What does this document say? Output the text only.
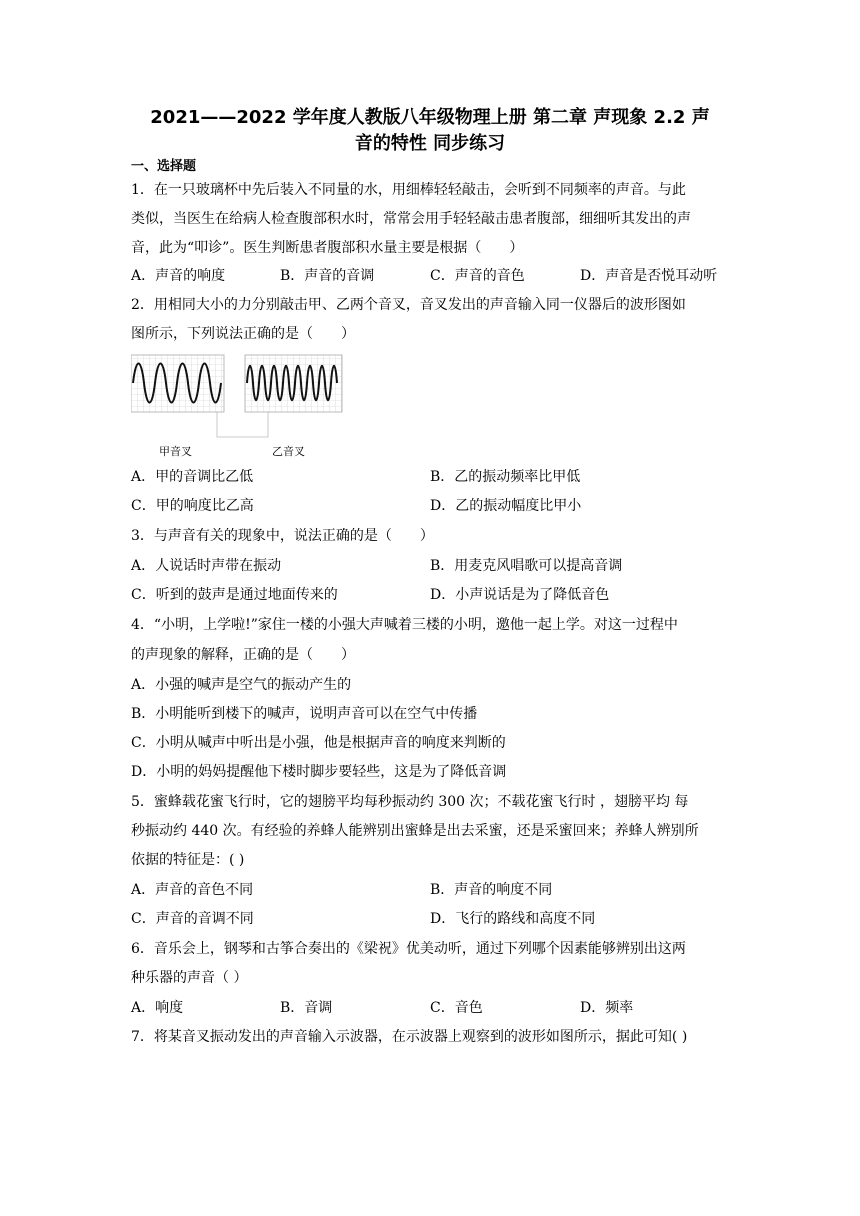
2021——2022 学年度人教版八年级物理上册 第二章 声现象 2.2 声
音的特性 同步练习
一、选择题
1．在一只玻璃杯中先后装入不同量的水，用细棒轻轻敲击，会听到不同频率的声音。与此
类似，当医生在给病人检查腹部积水时，常常会用手轻轻敲击患者腹部，细细听其发出的声
音，此为“叩诊”。医生判断患者腹部积水量主要是根据（　　）
A．声音的响度	B．声音的音调	C．声音的音色	D．声音是否悦耳动听
2．用相同大小的力分别敲击甲、乙两个音叉，音叉发出的声音输入同一仪器后的波形图如
图所示，下列说法正确的是（　　）
甲音叉	乙音叉
A．甲的音调比乙低	B．乙的振动频率比甲低
C．甲的响度比乙高	D．乙的振动幅度比甲小
3．与声音有关的现象中，说法正确的是（　　）
A．人说话时声带在振动	B．用麦克风唱歌可以提高音调
C．听到的鼓声是通过地面传来的	D．小声说话是为了降低音色
4．“小明，上学啦!”家住一楼的小强大声喊着三楼的小明，邀他一起上学。对这一过程中
的声现象的解释，正确的是（　　）
A．小强的喊声是空气的振动产生的
B．小明能听到楼下的喊声，说明声音可以在空气中传播
C．小明从喊声中听出是小强，他是根据声音的响度来判断的
D．小明的妈妈提醒他下楼时脚步要轻些，这是为了降低音调
5．蜜蜂载花蜜飞行时，它的翅膀平均每秒振动约 300 次；不载花蜜飞行时 ，翅膀平均 每
秒振动约 440 次。有经验的养蜂人能辨别出蜜蜂是出去采蜜，还是采蜜回来；养蜂人辨别所
依据的特征是：( )
A．声音的音色不同	B．声音的响度不同
C．声音的音调不同	D．飞行的路线和高度不同
6．音乐会上，钢琴和古筝合奏出的《梁祝》优美动听，通过下列哪个因素能够辨别出这两
种乐器的声音（ ）
A．响度	B．音调	C．音色	D．频率
7．将某音叉振动发出的声音输入示波器，在示波器上观察到的波形如图所示，据此可知( )
